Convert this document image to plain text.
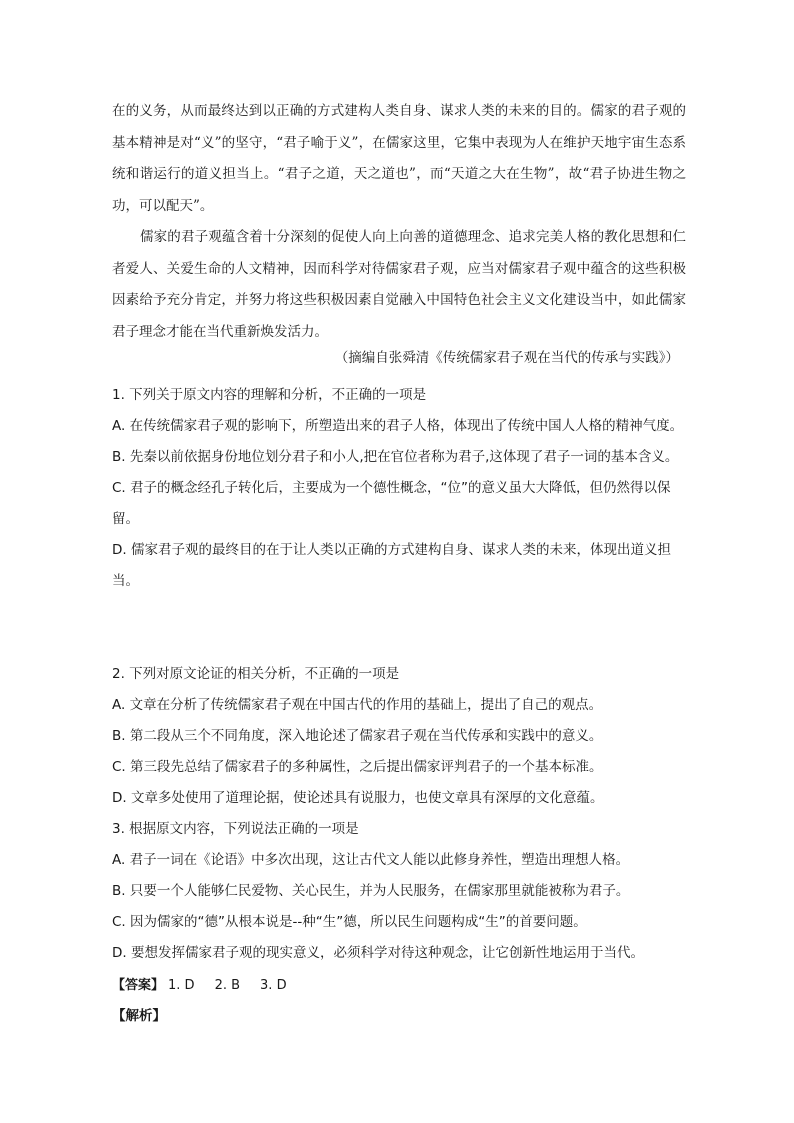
在的义务，从而最终达到以正确的方式建构人类自身、谋求人类的未来的目的。儒家的君子观的基本精神是对“义”的坚守，“君子喻于义”，在儒家这里，它集中表现为人在维护天地宇宙生态系统和谐运行的道义担当上。“君子之道，天之道也”，而“天道之大在生物”，故“君子协进生物之功，可以配天”。

儒家的君子观蕴含着十分深刻的促使人向上向善的道德理念、追求完美人格的教化思想和仁者爱人、关爱生命的人文精神，因而科学对待儒家君子观，应当对儒家君子观中蕴含的这些积极因素给予充分肯定，并努力将这些积极因素自觉融入中国特色社会主义文化建设当中，如此儒家君子理念才能在当代重新焕发活力。

（摘编自张舜清《传统儒家君子观在当代的传承与实践》）

1. 下列关于原文内容的理解和分析，不正确的一项是

A. 在传统儒家君子观的影响下，所塑造出来的君子人格，体现出了传统中国人人格的精神气度。

B. 先秦以前依据身份地位划分君子和小人,把在官位者称为君子,这体现了君子一词的基本含义。

C. 君子的概念经孔子转化后，主要成为一个德性概念，“位”的意义虽大大降低，但仍然得以保留。

D. 儒家君子观的最终目的在于让人类以正确的方式建构自身、谋求人类的未来，体现出道义担当。

2. 下列对原文论证的相关分析，不正确的一项是

A. 文章在分析了传统儒家君子观在中国古代的作用的基础上，提出了自己的观点。

B. 第二段从三个不同角度，深入地论述了儒家君子观在当代传承和实践中的意义。

C. 第三段先总结了儒家君子的多种属性，之后提出儒家评判君子的一个基本标准。

D. 文章多处使用了道理论据，使论述具有说服力，也使文章具有深厚的文化意蕴。

3. 根据原文内容，下列说法正确的一项是

A. 君子一词在《论语》中多次出现，这让古代文人能以此修身养性，塑造出理想人格。

B. 只要一个人能够仁民爱物、关心民生，并为人民服务，在儒家那里就能被称为君子。

C. 因为儒家的“德”从根本说是--种“生”德，所以民生问题构成“生”的首要问题。

D. 要想发挥儒家君子观的现实意义，必须科学对待这种观念，让它创新性地运用于当代。

【答案】 1. D 2. B 3. D
【解析】
